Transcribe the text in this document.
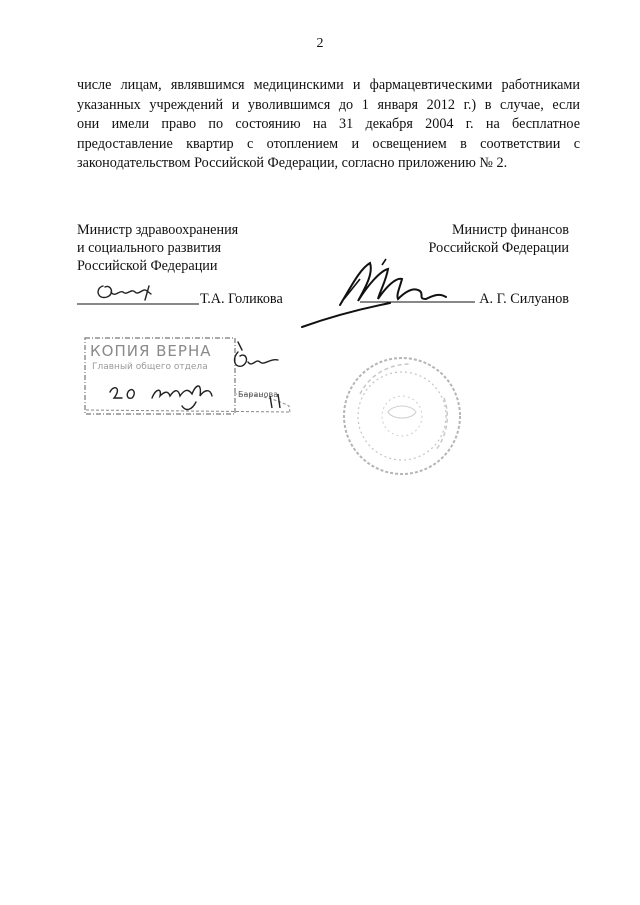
2
числе лицам, являвшимся медицинскими и фармацевтическими работниками
указанных учреждений и уволившимся до 1 января 2012 г.) в случае, если
они имели право по состоянию на 31 декабря 2004 г. на бесплатное
предоставление квартир с отоплением и освещением в соответствии с
законодательством Российской Федерации, согласно приложению № 2.
Министр здравоохранения
и социального развития
Российской Федерации
Министр финансов
Российской Федерации
Т.А. Голикова	А. Г. Силуанов
КОПИЯ ВЕРНА
Главный общего отдела
Баранова
